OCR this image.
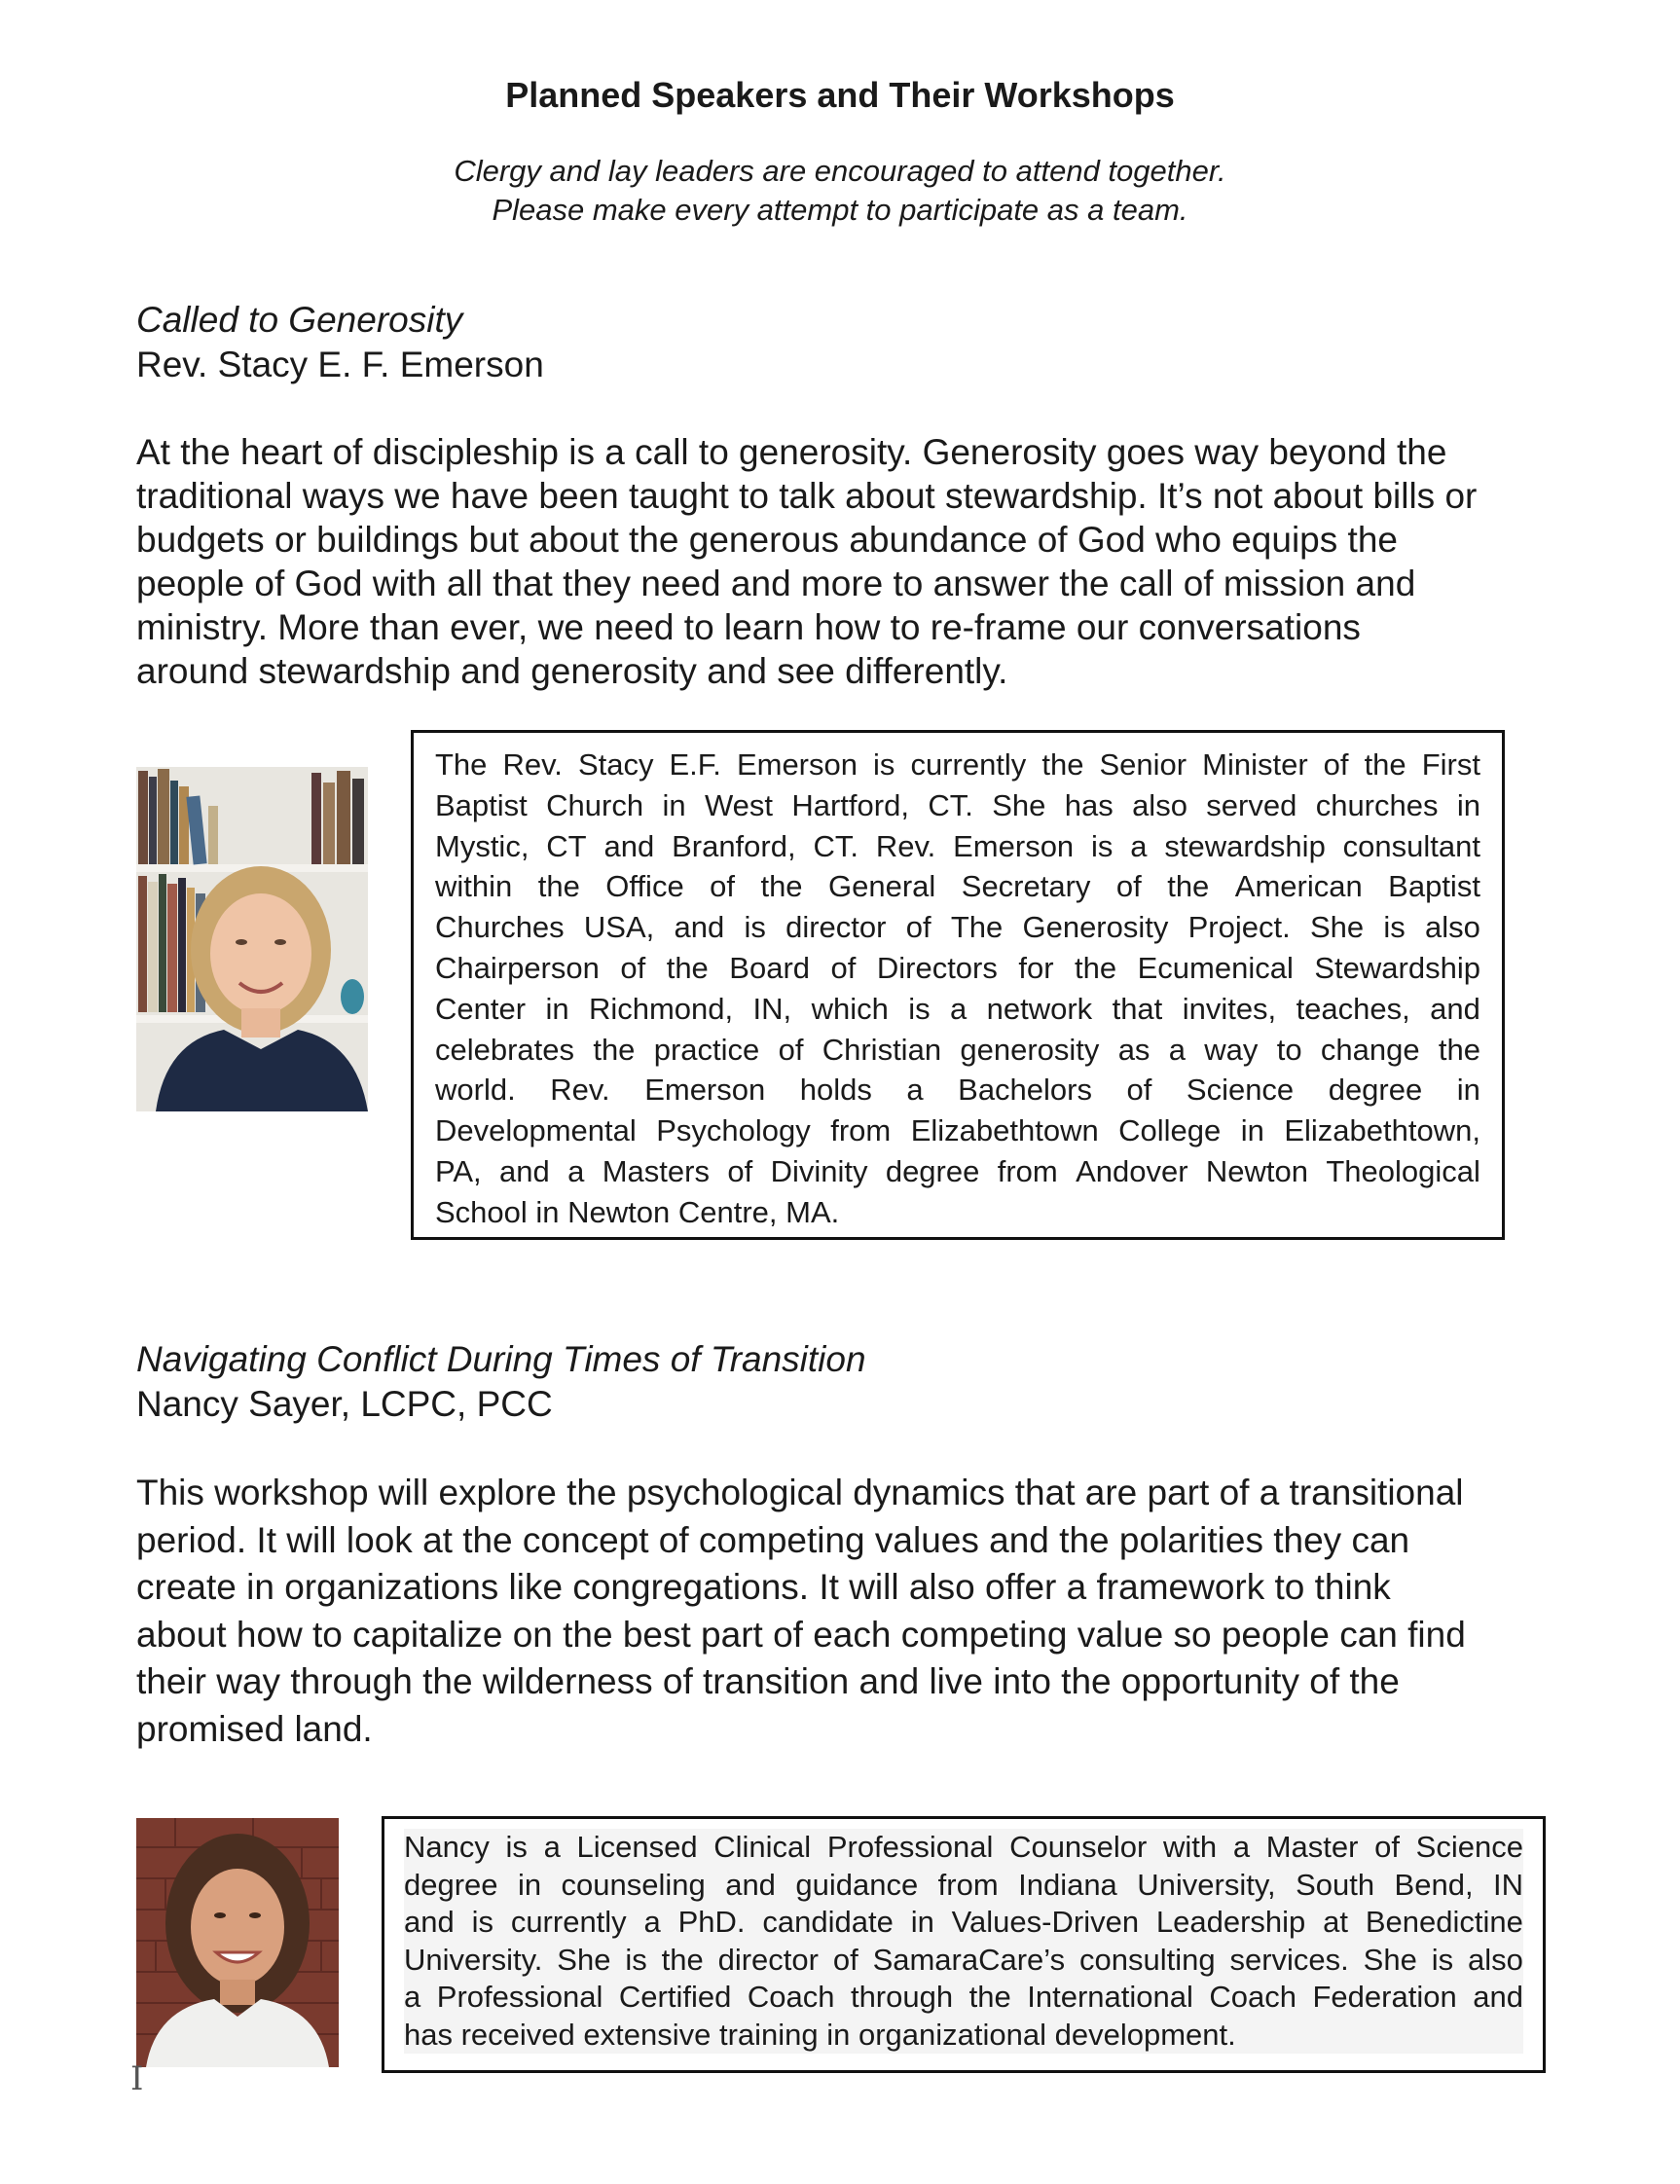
Planned Speakers and Their Workshops
Clergy and lay leaders are encouraged to attend together.
Please make every attempt to participate as a team.
Called to Generosity

Rev. Stacy E. F. Emerson

At the heart of discipleship is a call to generosity. Generosity goes way beyond the
traditional ways we have been taught to talk about stewardship. It’s not about bills or
budgets or buildings but about the generous abundance of God who equips the
people of God with all that they need and more to answer the call of mission and
ministry. More than ever, we need to learn how to re-frame our conversations
around stewardship and generosity and see differently.
The Rev. Stacy E.F. Emerson is currently the Senior Minister of the First
Baptist Church in West Hartford, CT. She has also served churches in
Mystic, CT and Branford, CT. Rev. Emerson is a stewardship consultant
within the Office of the General Secretary of the American Baptist
Churches USA, and is director of The Generosity Project. She is also
Chairperson of the Board of Directors for the Ecumenical Stewardship
Center in Richmond, IN, which is a network that invites, teaches, and
celebrates the practice of Christian generosity as a way to change the
world. Rev. Emerson holds a Bachelors of Science degree in
Developmental Psychology from Elizabethtown College in Elizabethtown,
PA, and a Masters of Divinity degree from Andover Newton Theological
School in Newton Centre, MA.
Navigating Conflict During Times of Transition

Nancy Sayer, LCPC, PCC

This workshop will explore the psychological dynamics that are part of a transitional
period. It will look at the concept of competing values and the polarities they can
create in organizations like congregations. It will also offer a framework to think
about how to capitalize on the best part of each competing value so people can find
their way through the wilderness of transition and live into the opportunity of the
promised land.
Nancy is a Licensed Clinical Professional Counselor with a Master of Science
degree in counseling and guidance from Indiana University, South Bend, IN
and is currently a PhD. candidate in Values-Driven Leadership at Benedictine
University. She is the director of SamaraCare’s consulting services. She is also
a Professional Certified Coach through the International Coach Federation and
has received extensive training in organizational development.
I
